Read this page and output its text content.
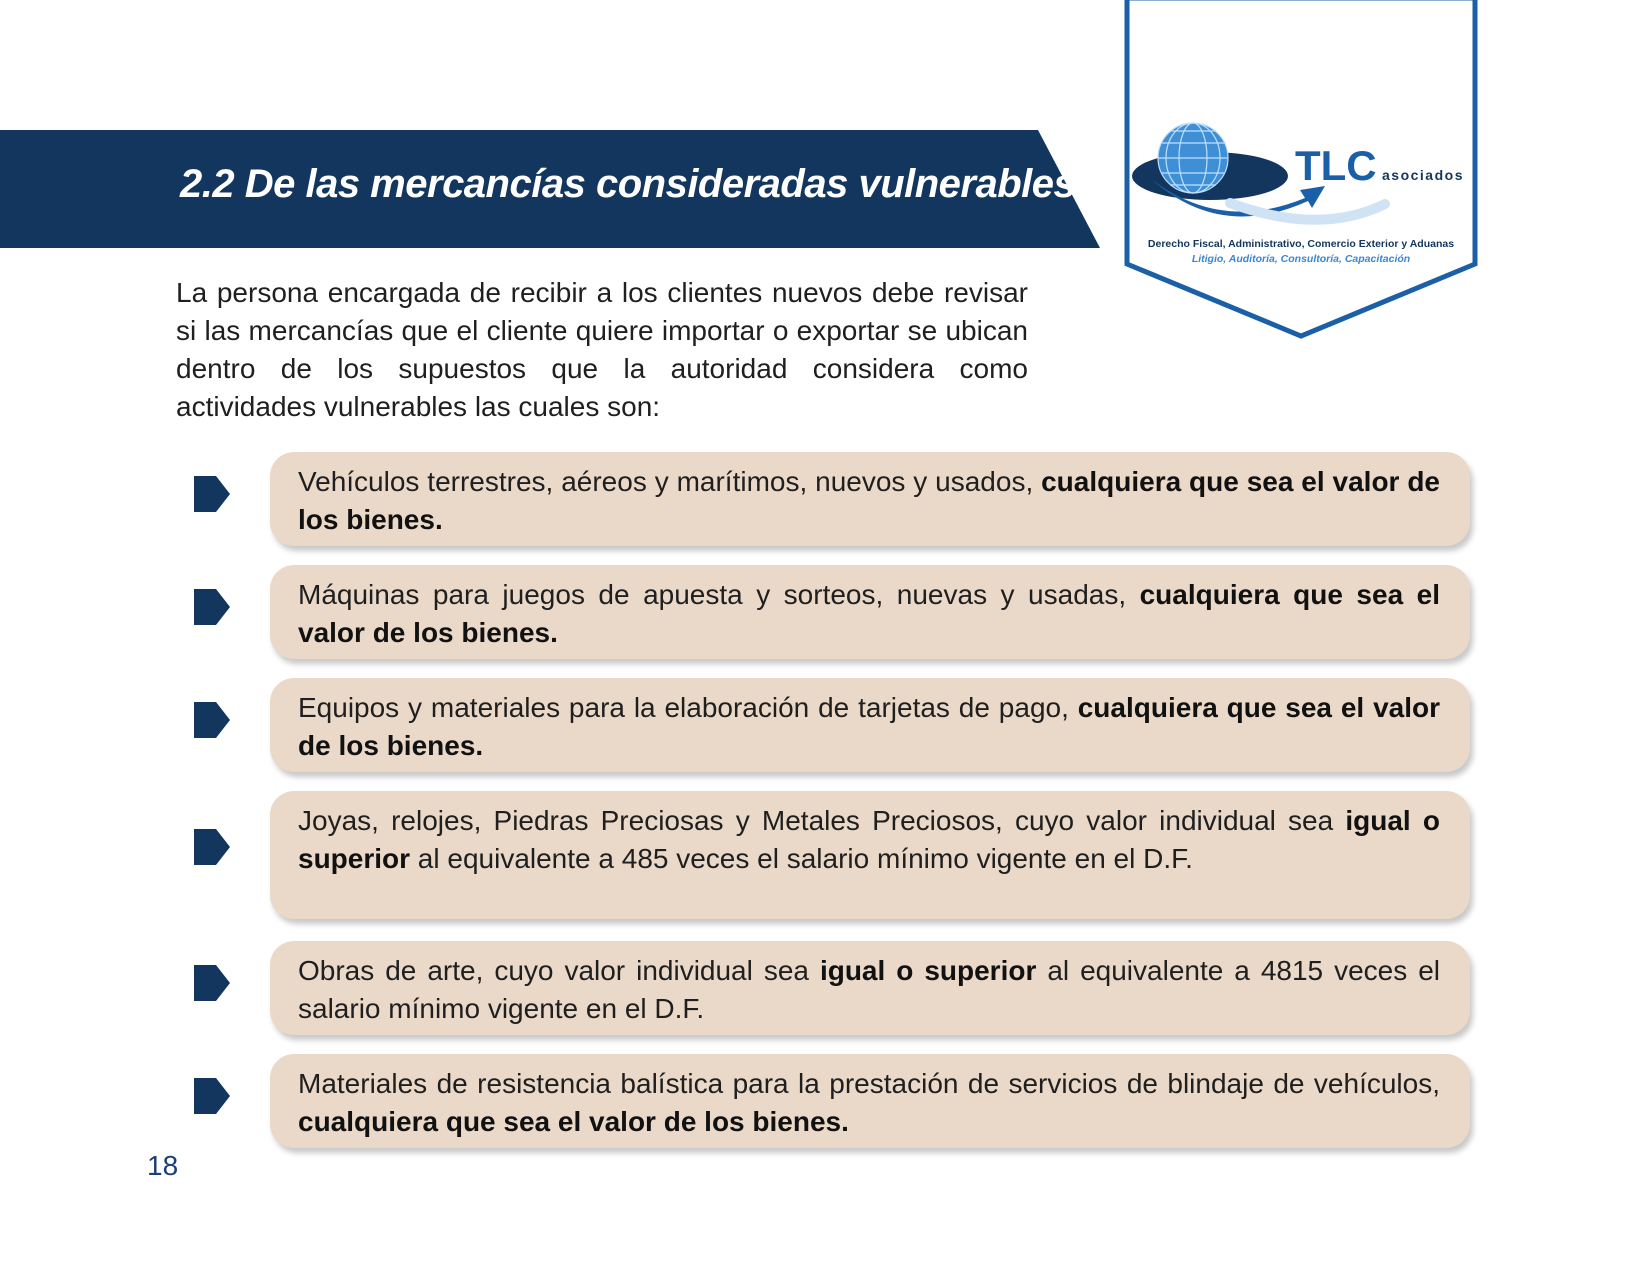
2.2 De las mercancías consideradas vulnerables.	TLC asociados
Derecho Fiscal, Administrativo, Comercio Exterior y Aduanas
Litigio, Auditoría, Consultoría, Capacitación
La persona encargada de recibir a los clientes nuevos debe revisar si las mercancías que el cliente quiere importar o exportar se ubican dentro de los supuestos que la autoridad considera como actividades vulnerables las cuales son:
Vehículos terrestres, aéreos y marítimos, nuevos y usados, cualquiera que sea el valor de los bienes.
Máquinas para juegos de apuesta y sorteos, nuevas y usadas, cualquiera que sea el valor de los bienes.
Equipos y materiales para la elaboración de tarjetas de pago, cualquiera que sea el valor de los bienes.
Joyas, relojes, Piedras Preciosas y Metales Preciosos, cuyo valor individual sea igual o superior al equivalente a 485 veces el salario mínimo vigente en el D.F.
Obras de arte, cuyo valor individual sea igual o superior al equivalente a 4815 veces el salario mínimo vigente en el D.F.
Materiales de resistencia balística para la prestación de servicios de blindaje de vehículos, cualquiera que sea el valor de los bienes.
18
